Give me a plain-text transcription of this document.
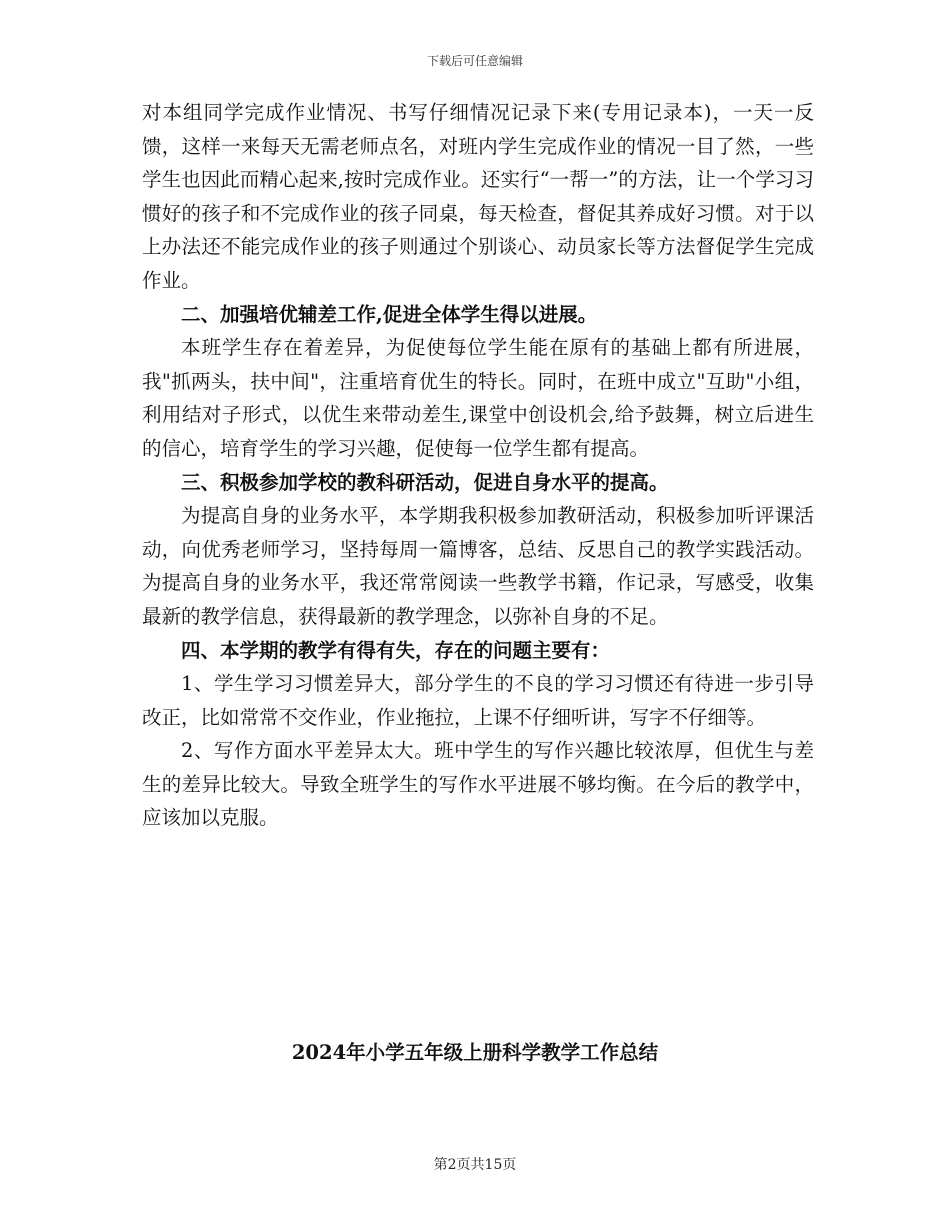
下载后可任意编辑

对本组同学完成作业情况、书写仔细情况记录下来(专用记录本)，一天一反馈，这样一来每天无需老师点名，对班内学生完成作业的情况一目了然，一些学生也因此而精心起来,按时完成作业。还实行“一帮一”的方法，让一个学习习惯好的孩子和不完成作业的孩子同桌，每天检查，督促其养成好习惯。对于以上办法还不能完成作业的孩子则通过个别谈心、动员家长等方法督促学生完成作业。

二、加强培优辅差工作,促进全体学生得以进展。

本班学生存在着差异，为促使每位学生能在原有的基础上都有所进展，我"抓两头，扶中间"，注重培育优生的特长。同时，在班中成立"互助"小组，利用结对子形式，以优生来带动差生,课堂中创设机会,给予鼓舞，树立后进生的信心，培育学生的学习兴趣，促使每一位学生都有提高。

三、积极参加学校的教科研活动，促进自身水平的提高。

为提高自身的业务水平，本学期我积极参加教研活动，积极参加听评课活动，向优秀老师学习，坚持每周一篇博客，总结、反思自己的教学实践活动。为提高自身的业务水平，我还常常阅读一些教学书籍，作记录，写感受，收集最新的教学信息，获得最新的教学理念，以弥补自身的不足。

四、本学期的教学有得有失，存在的问题主要有：

1、学生学习习惯差异大，部分学生的不良的学习习惯还有待进一步引导改正，比如常常不交作业，作业拖拉，上课不仔细听讲，写字不仔细等。

2、写作方面水平差异太大。班中学生的写作兴趣比较浓厚，但优生与差生的差异比较大。导致全班学生的写作水平进展不够均衡。在今后的教学中，应该加以克服。

2024年小学五年级上册科学教学工作总结
第2页共15页
